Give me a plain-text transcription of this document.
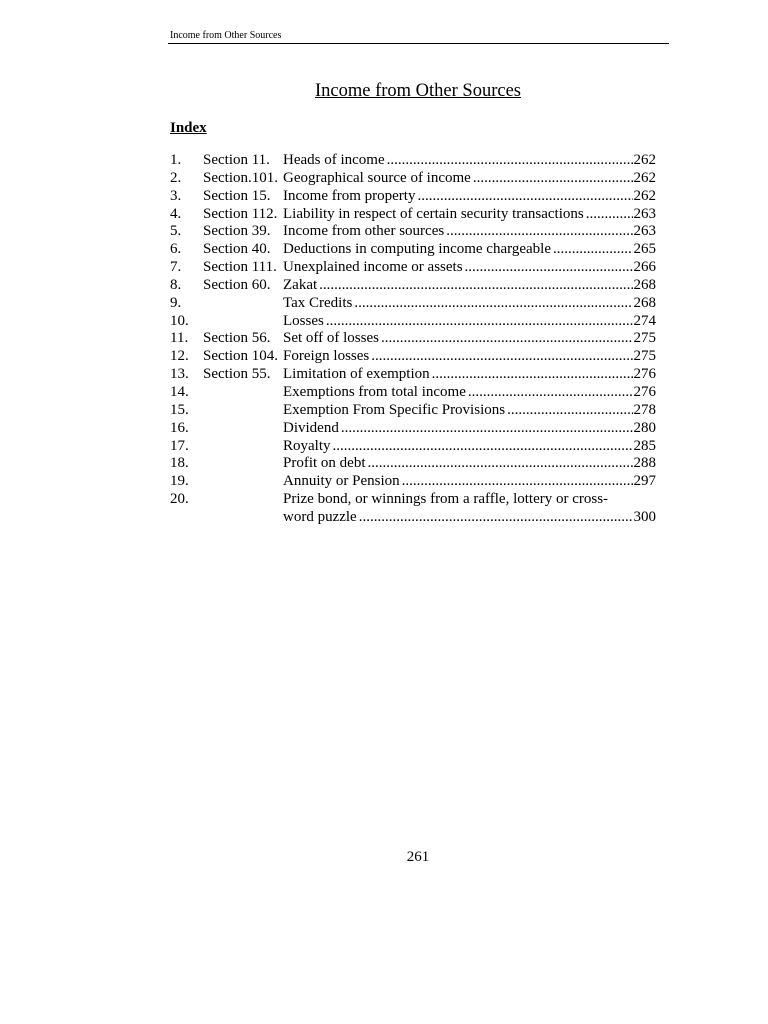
Income from Other Sources
Income from Other Sources
Index
1.	Section 11. Heads of income .....	262
2.	Section.101. Geographical source of income .....	262
3.	Section 15. Income from property .....	262
4.	Section 112. Liability in respect of certain security transactions .....	263
5.	Section 39. Income from other sources .....	263
6.	Section 40. Deductions in computing income chargeable .....	265
7.	Section 111. Unexplained income or assets .....	266
8.	Section 60. Zakat .....	268
9.	Tax Credits .....	268
10.	Losses .....	274
11. Section 56. Set off of losses .....	275
12. Section 104. Foreign losses .....	275
13. Section 55. Limitation of exemption .....	276
14.	Exemptions from total income .....	276
15.	Exemption From Specific Provisions .....	278
16.	Dividend .....	280
17.	Royalty .....	285
18.	Profit on debt .....	288
19.	Annuity or Pension .....	297
20.	Prize bond, or winnings from a raffle, lottery or cross-
word puzzle .....	300
261
